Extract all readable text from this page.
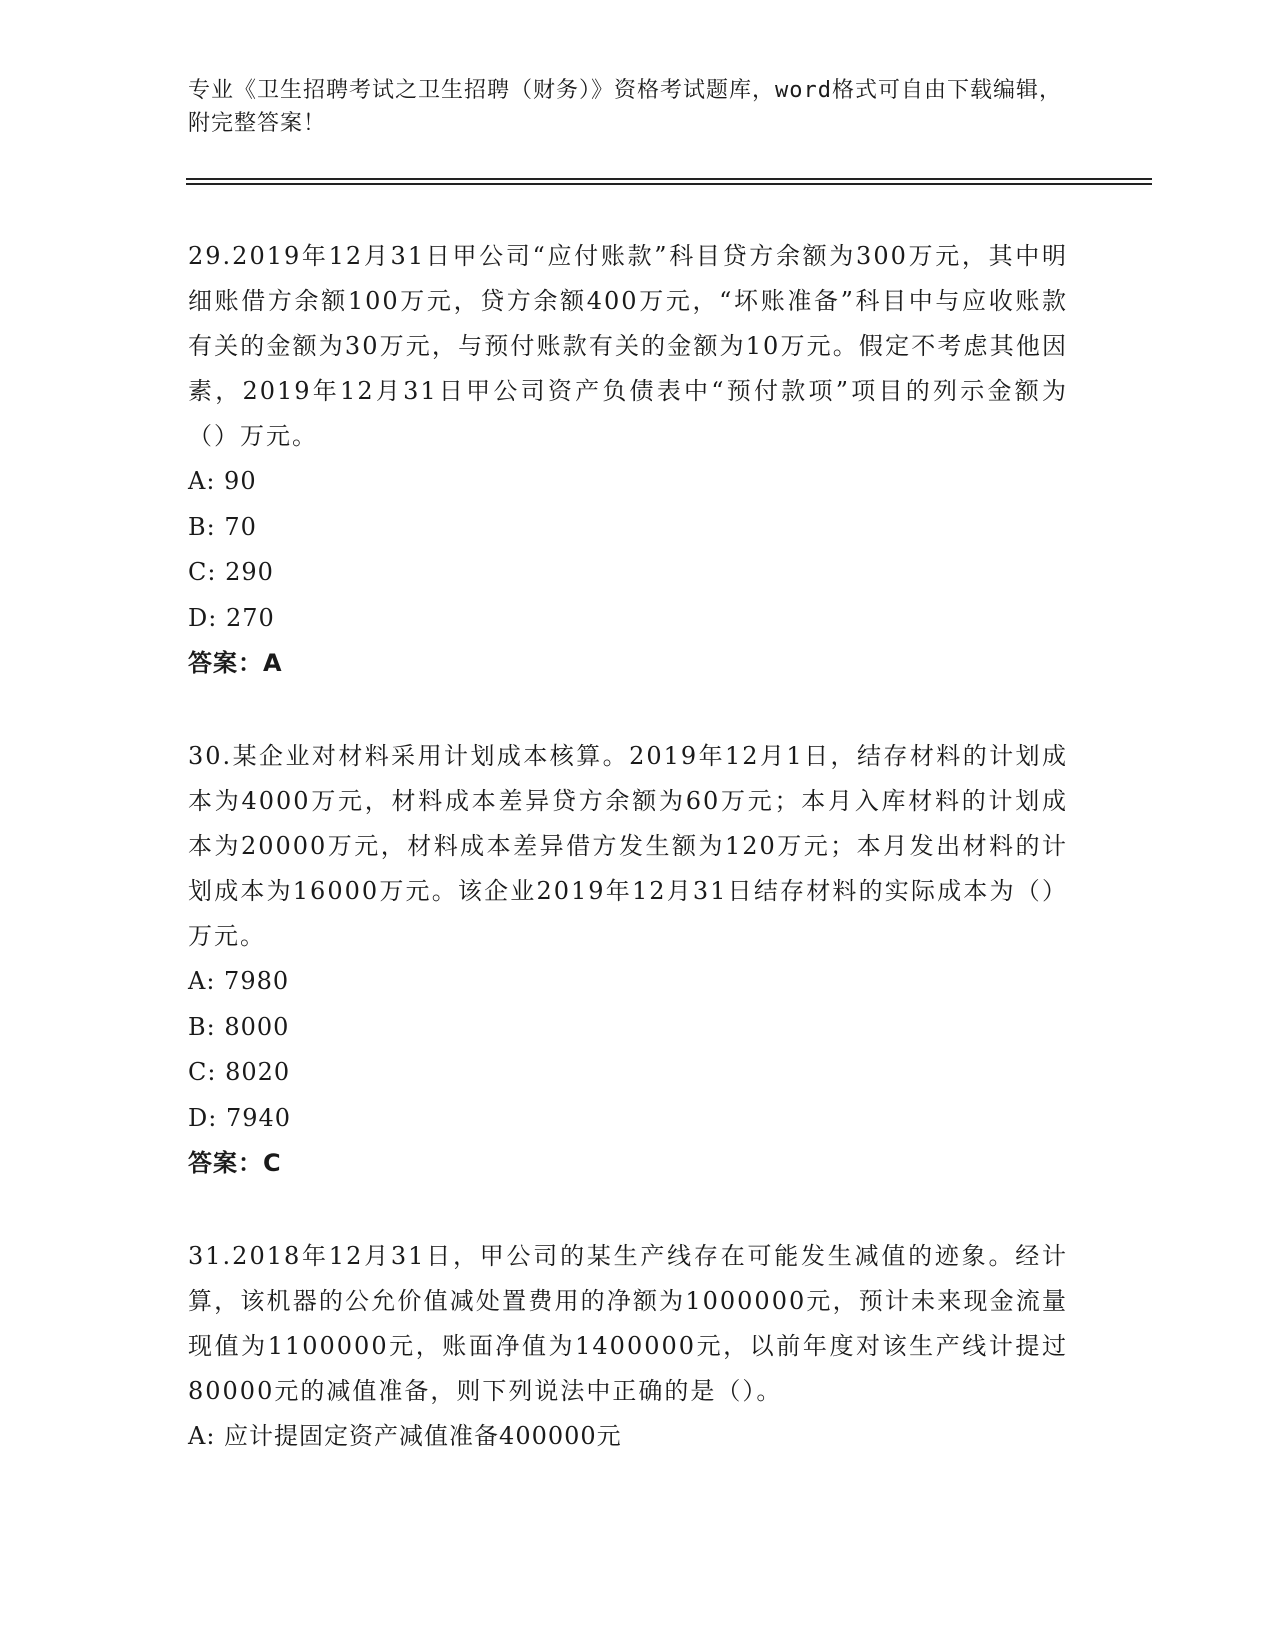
专业《卫生招聘考试之卫生招聘（财务）》资格考试题库，word格式可自由下载编辑，附完整答案！

29.2019年12月31日甲公司“应付账款”科目贷方余额为300万元，其中明细账借方余额100万元，贷方余额400万元，“坏账准备”科目中与应收账款有关的金额为30万元，与预付账款有关的金额为10万元。假定不考虑其他因素，2019年12月31日甲公司资产负债表中“预付款项”项目的列示金额为（）万元。

A: 90

B: 70

C: 290

D: 270

答案：A

30.某企业对材料采用计划成本核算。2019年12月1日，结存材料的计划成本为4000万元，材料成本差异贷方余额为60万元；本月入库材料的计划成本为20000万元，材料成本差异借方发生额为120万元；本月发出材料的计划成本为16000万元。该企业2019年12月31日结存材料的实际成本为（）万元。

A: 7980

B: 8000

C: 8020

D: 7940

答案：C

31.2018年12月31日，甲公司的某生产线存在可能发生减值的迹象。经计算，该机器的公允价值减处置费用的净额为1000000元，预计未来现金流量现值为1100000元，账面净值为1400000元，以前年度对该生产线计提过80000元的减值准备，则下列说法中正确的是（）。

A: 应计提固定资产减值准备400000元
